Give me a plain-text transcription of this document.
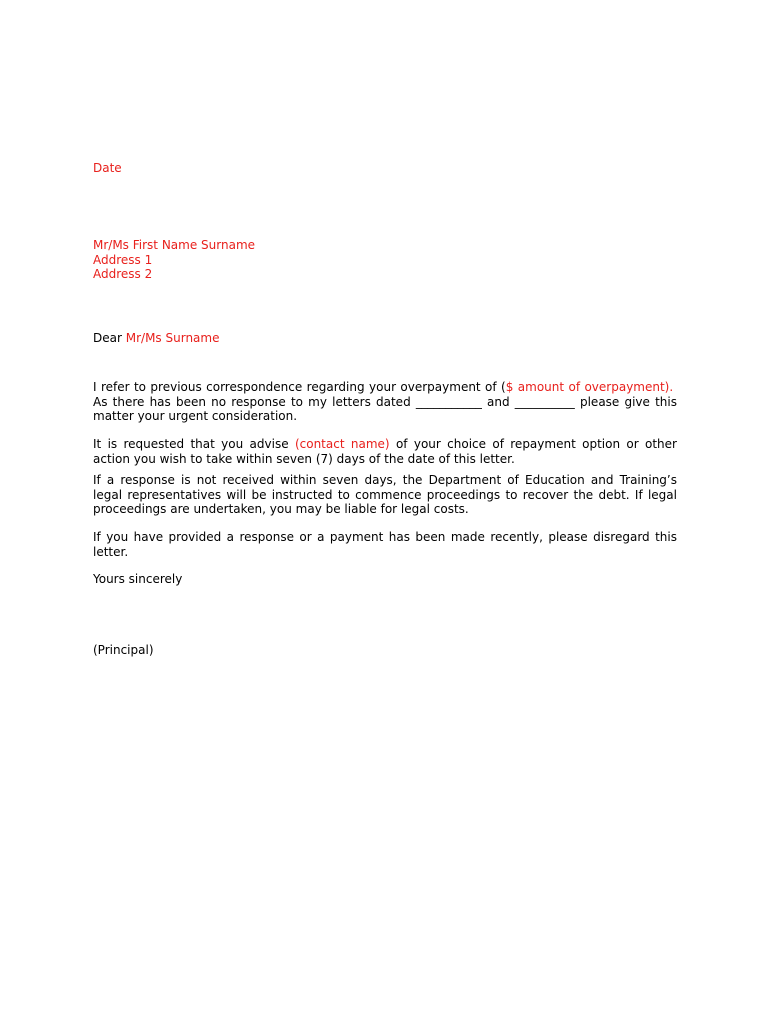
Date
Mr/Ms First Name Surname
Address 1
Address 2
Dear Mr/Ms Surname

I refer to previous correspondence regarding your overpayment of ($ amount of overpayment).  As there has been no response to my letters dated ___________ and __________ please give this matter your urgent consideration.

It is requested that you advise (contact name) of your choice of repayment option or other action you wish to take within seven (7) days of the date of this letter.

If a response is not received within seven days, the Department of Education and Training’s legal representatives will be instructed to commence proceedings to recover the debt. If legal proceedings are undertaken, you may be liable for legal costs.

If you have provided a response or a payment has been made recently, please disregard this letter.

Yours sincerely
(Principal)
